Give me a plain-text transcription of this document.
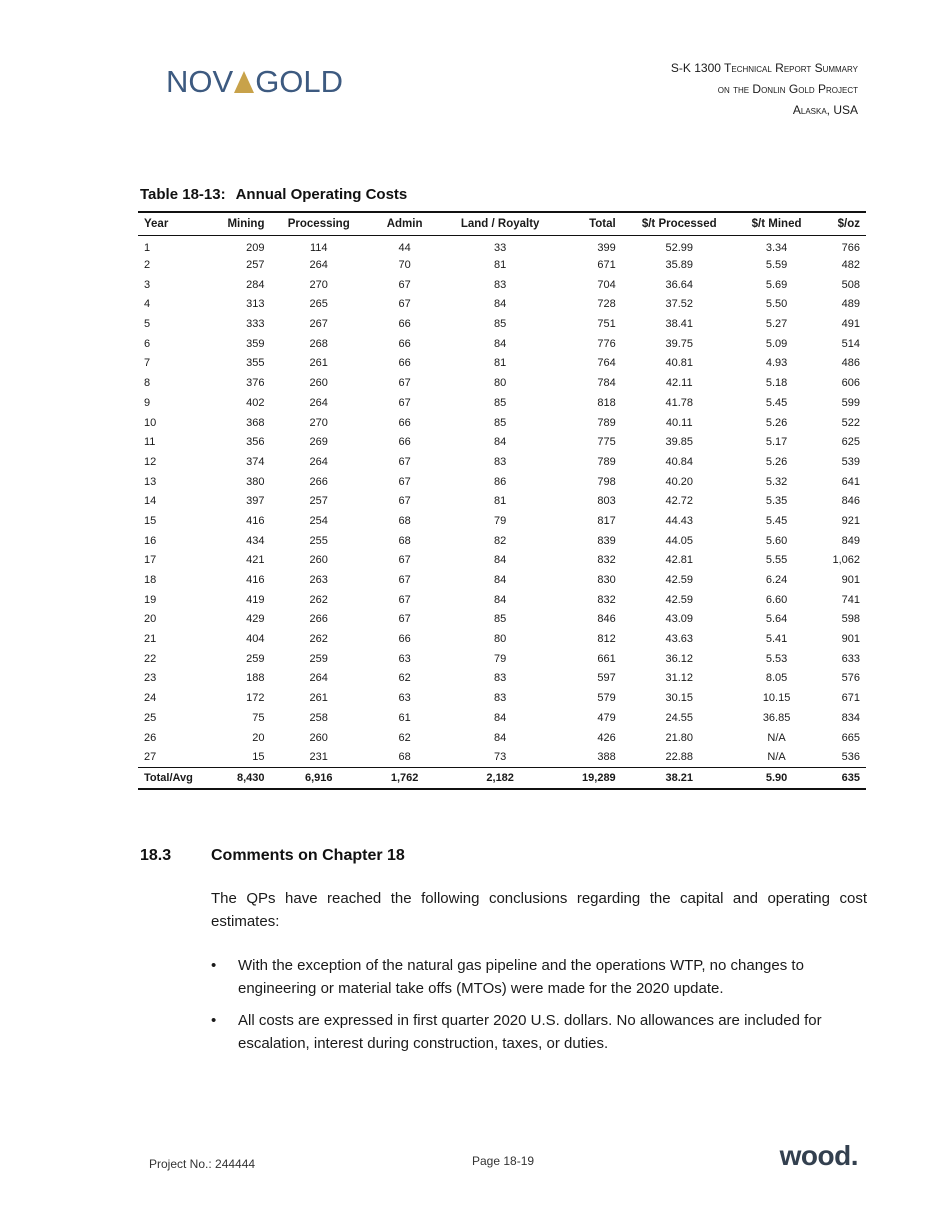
NOV GOLD	S-K 1300 Technical Report Summary
on the Donlin Gold Project
Alaska, USA
Table 18-13: Annual Operating Costs
Year	Mining	Processing	Admin	Land / Royalty	Total	$/t Processed	$/t Mined	$/oz
1	209	114	44	33	399	52.99	3.34	766
2	257	264	70	81	671	35.89	5.59	482
3	284	270	67	83	704	36.64	5.69	508
4	313	265	67	84	728	37.52	5.50	489
5	333	267	66	85	751	38.41	5.27	491
6	359	268	66	84	776	39.75	5.09	514
7	355	261	66	81	764	40.81	4.93	486
8	376	260	67	80	784	42.11	5.18	606
9	402	264	67	85	818	41.78	5.45	599
10	368	270	66	85	789	40.11	5.26	522
11	356	269	66	84	775	39.85	5.17	625
12	374	264	67	83	789	40.84	5.26	539
13	380	266	67	86	798	40.20	5.32	641
14	397	257	67	81	803	42.72	5.35	846
15	416	254	68	79	817	44.43	5.45	921
16	434	255	68	82	839	44.05	5.60	849
17	421	260	67	84	832	42.81	5.55	1,062
18	416	263	67	84	830	42.59	6.24	901
19	419	262	67	84	832	42.59	6.60	741
20	429	266	67	85	846	43.09	5.64	598
21	404	262	66	80	812	43.63	5.41	901
22	259	259	63	79	661	36.12	5.53	633
23	188	264	62	83	597	31.12	8.05	576
24	172	261	63	83	579	30.15	10.15	671
25	75	258	61	84	479	24.55	36.85	834
26	20	260	62	84	426	21.80	N/A	665
27	15	231	68	73	388	22.88	N/A	536
Total/Avg	8,430	6,916	1,762	2,182	19,289	38.21	5.90	635
18.3 Comments on Chapter 18
The QPs have reached the following conclusions regarding the capital and operating cost estimates:
• With the exception of the natural gas pipeline and the operations WTP, no changes to engineering or material take offs (MTOs) were made for the 2020 update.
• All costs are expressed in first quarter 2020 U.S. dollars. No allowances are included for escalation, interest during construction, taxes, or duties.
Project No.: 244444	Page 18-19	wood.
